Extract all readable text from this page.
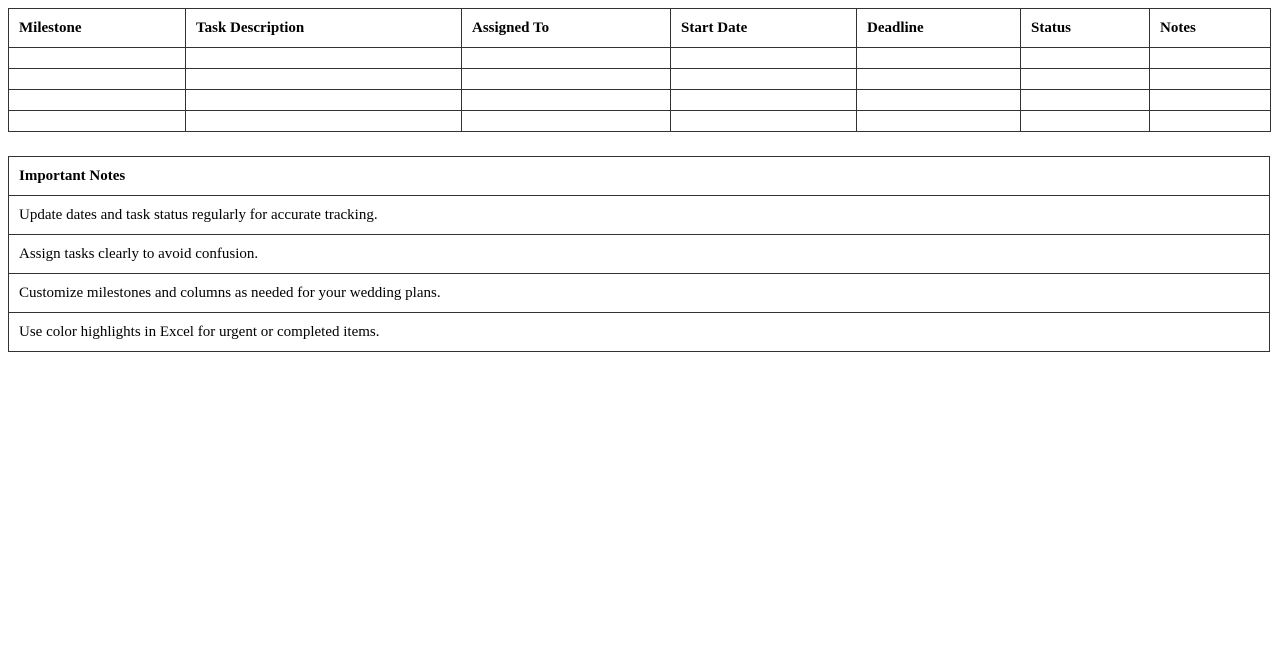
Milestone	Task Description	Assigned To	Start Date	Deadline	Status	Notes

Important Notes
Update dates and task status regularly for accurate tracking.
Assign tasks clearly to avoid confusion.
Customize milestones and columns as needed for your wedding plans.
Use color highlights in Excel for urgent or completed items.
